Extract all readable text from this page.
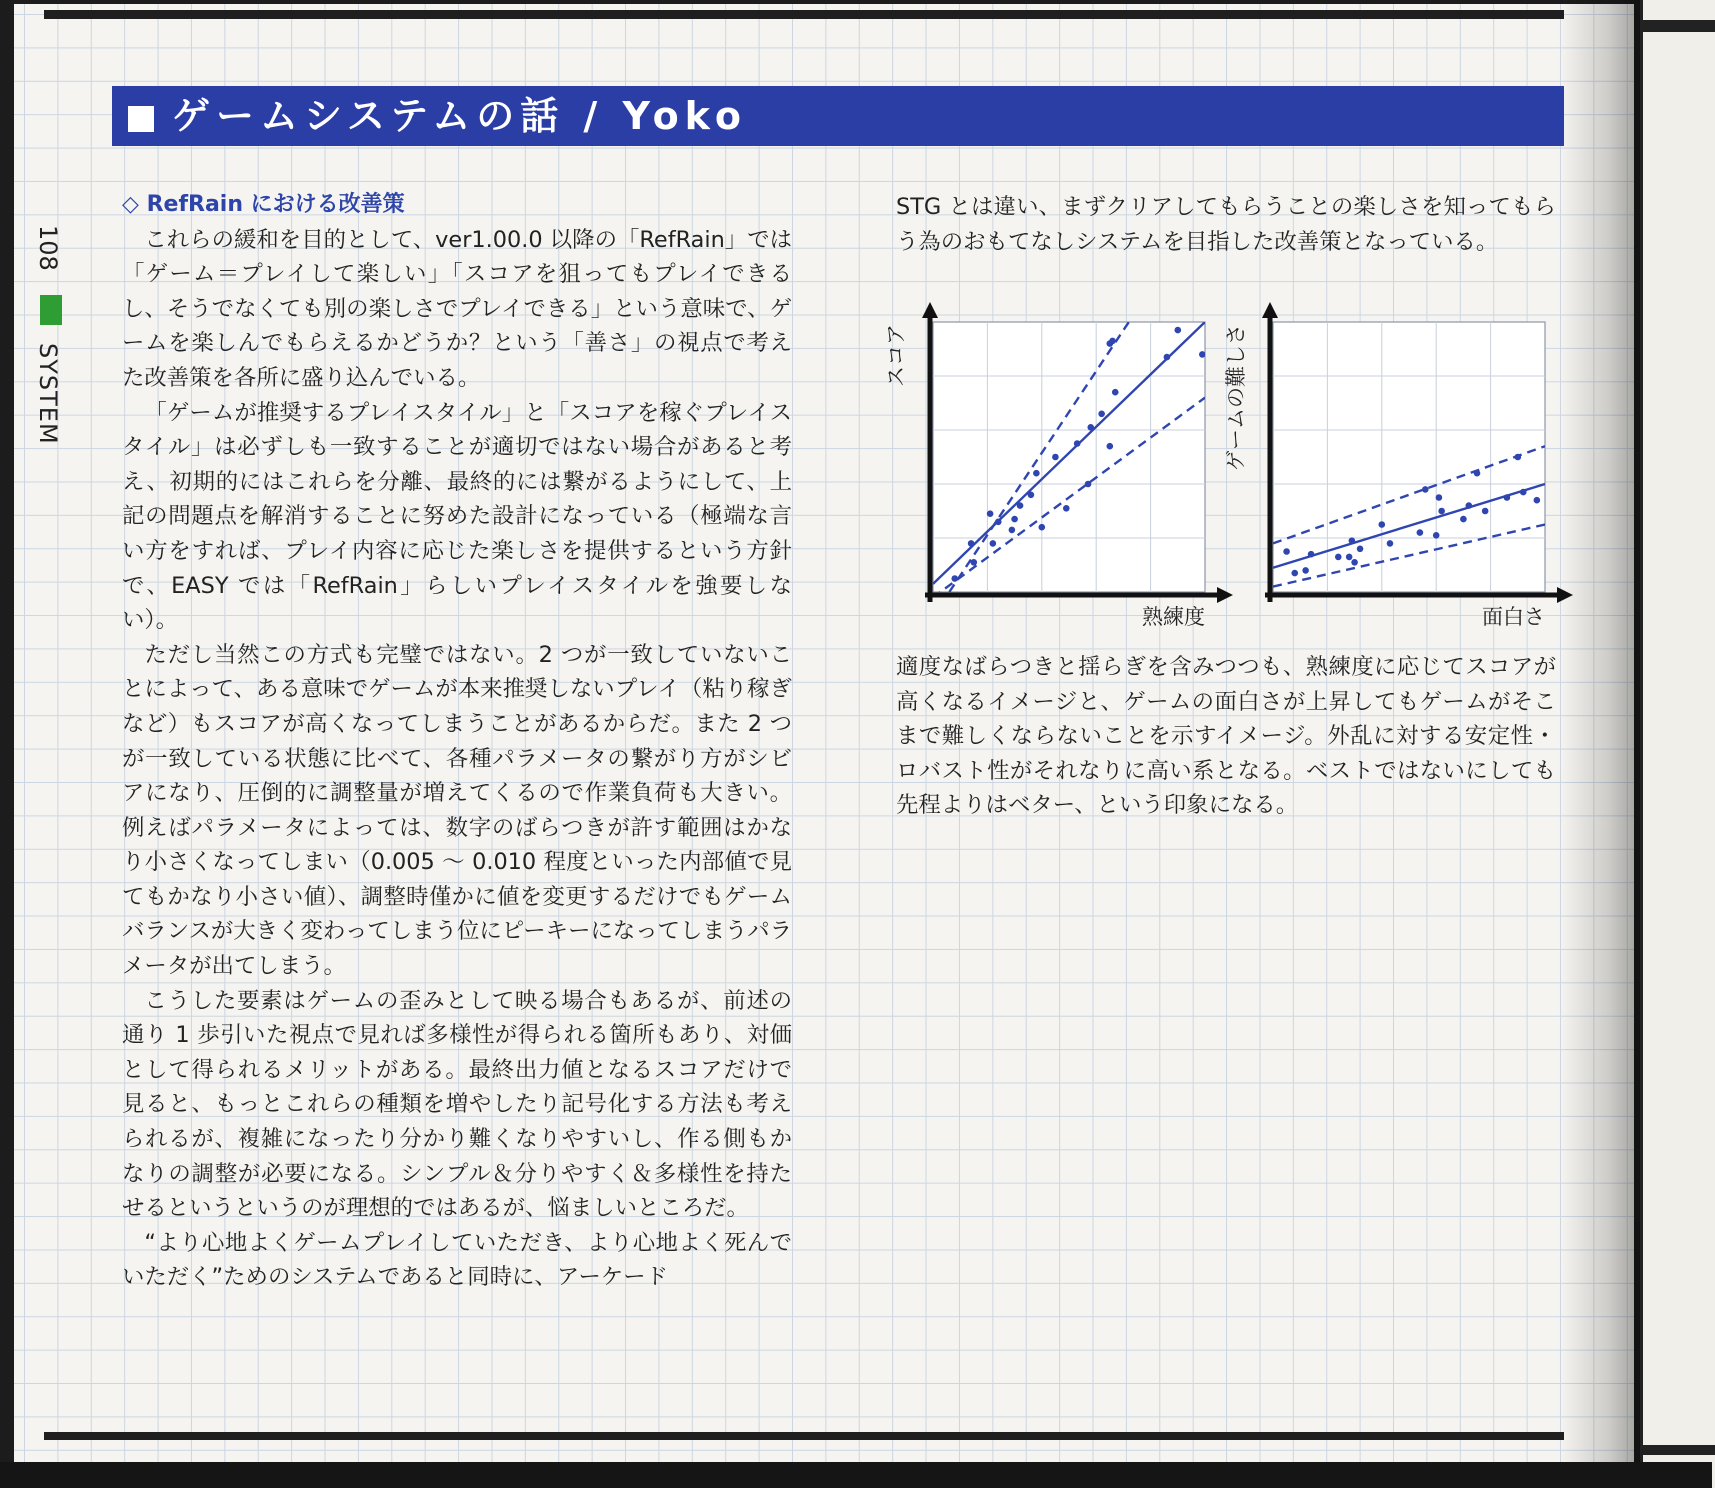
ゲームシステムの話 / Yoko
108
SYSTEM
◇ RefRain における改善策

これらの緩和を目的として、ver1.00.0 以降の「RefRain」では「ゲーム＝プレイして楽しい」「スコアを狙ってもプレイできるし、そうでなくても別の楽しさでプレイできる」という意味で、ゲームを楽しんでもらえるかどうか？という「善さ」の視点で考えた改善策を各所に盛り込んでいる。

「ゲームが推奨するプレイスタイル」と「スコアを稼ぐプレイスタイル」は必ずしも一致することが適切ではない場合があると考え、初期的にはこれらを分離、最終的には繋がるようにして、上記の問題点を解消することに努めた設計になっている（極端な言い方をすれば、プレイ内容に応じた楽しさを提供するという方針で、EASY では「RefRain」らしいプレイスタイルを強要しない）。

ただし当然この方式も完璧ではない。2 つが一致していないことによって、ある意味でゲームが本来推奨しないプレイ（粘り稼ぎなど）もスコアが高くなってしまうことがあるからだ。また 2 つが一致している状態に比べて、各種パラメータの繋がり方がシビアになり、圧倒的に調整量が増えてくるので作業負荷も大きい。例えばパラメータによっては、数字のばらつきが許す範囲はかなり小さくなってしまい（0.005 ～ 0.010 程度といった内部値で見てもかなり小さい値）、調整時僅かに値を変更するだけでもゲームバランスが大きく変わってしまう位にピーキーになってしまうパラメータが出てしまう。

こうした要素はゲームの歪みとして映る場合もあるが、前述の通り 1 歩引いた視点で見れば多様性が得られる箇所もあり、対価として得られるメリットがある。最終出力値となるスコアだけで見ると、もっとこれらの種類を増やしたり記号化する方法も考えられるが、複雑になったり分かり難くなりやすいし、作る側もかなりの調整が必要になる。シンプル＆分りやすく＆多様性を持たせるというというのが理想的ではあるが、悩ましいところだ。

“より心地よくゲームプレイしていただき、より心地よく死んでいただく”ためのシステムであると同時に、アーケード

STG とは違い、まずクリアしてもらうことの楽しさを知ってもらう為のおもてなしシステムを目指した改善策となっている。

熟練度
スコア
面白さ
ゲームの難しさ
適度なばらつきと揺らぎを含みつつも、熟練度に応じてスコアが高くなるイメージと、ゲームの面白さが上昇してもゲームがそこまで難しくならないことを示すイメージ。外乱に対する安定性・ロバスト性がそれなりに高い系となる。ベストではないにしても先程よりはベター、という印象になる。
